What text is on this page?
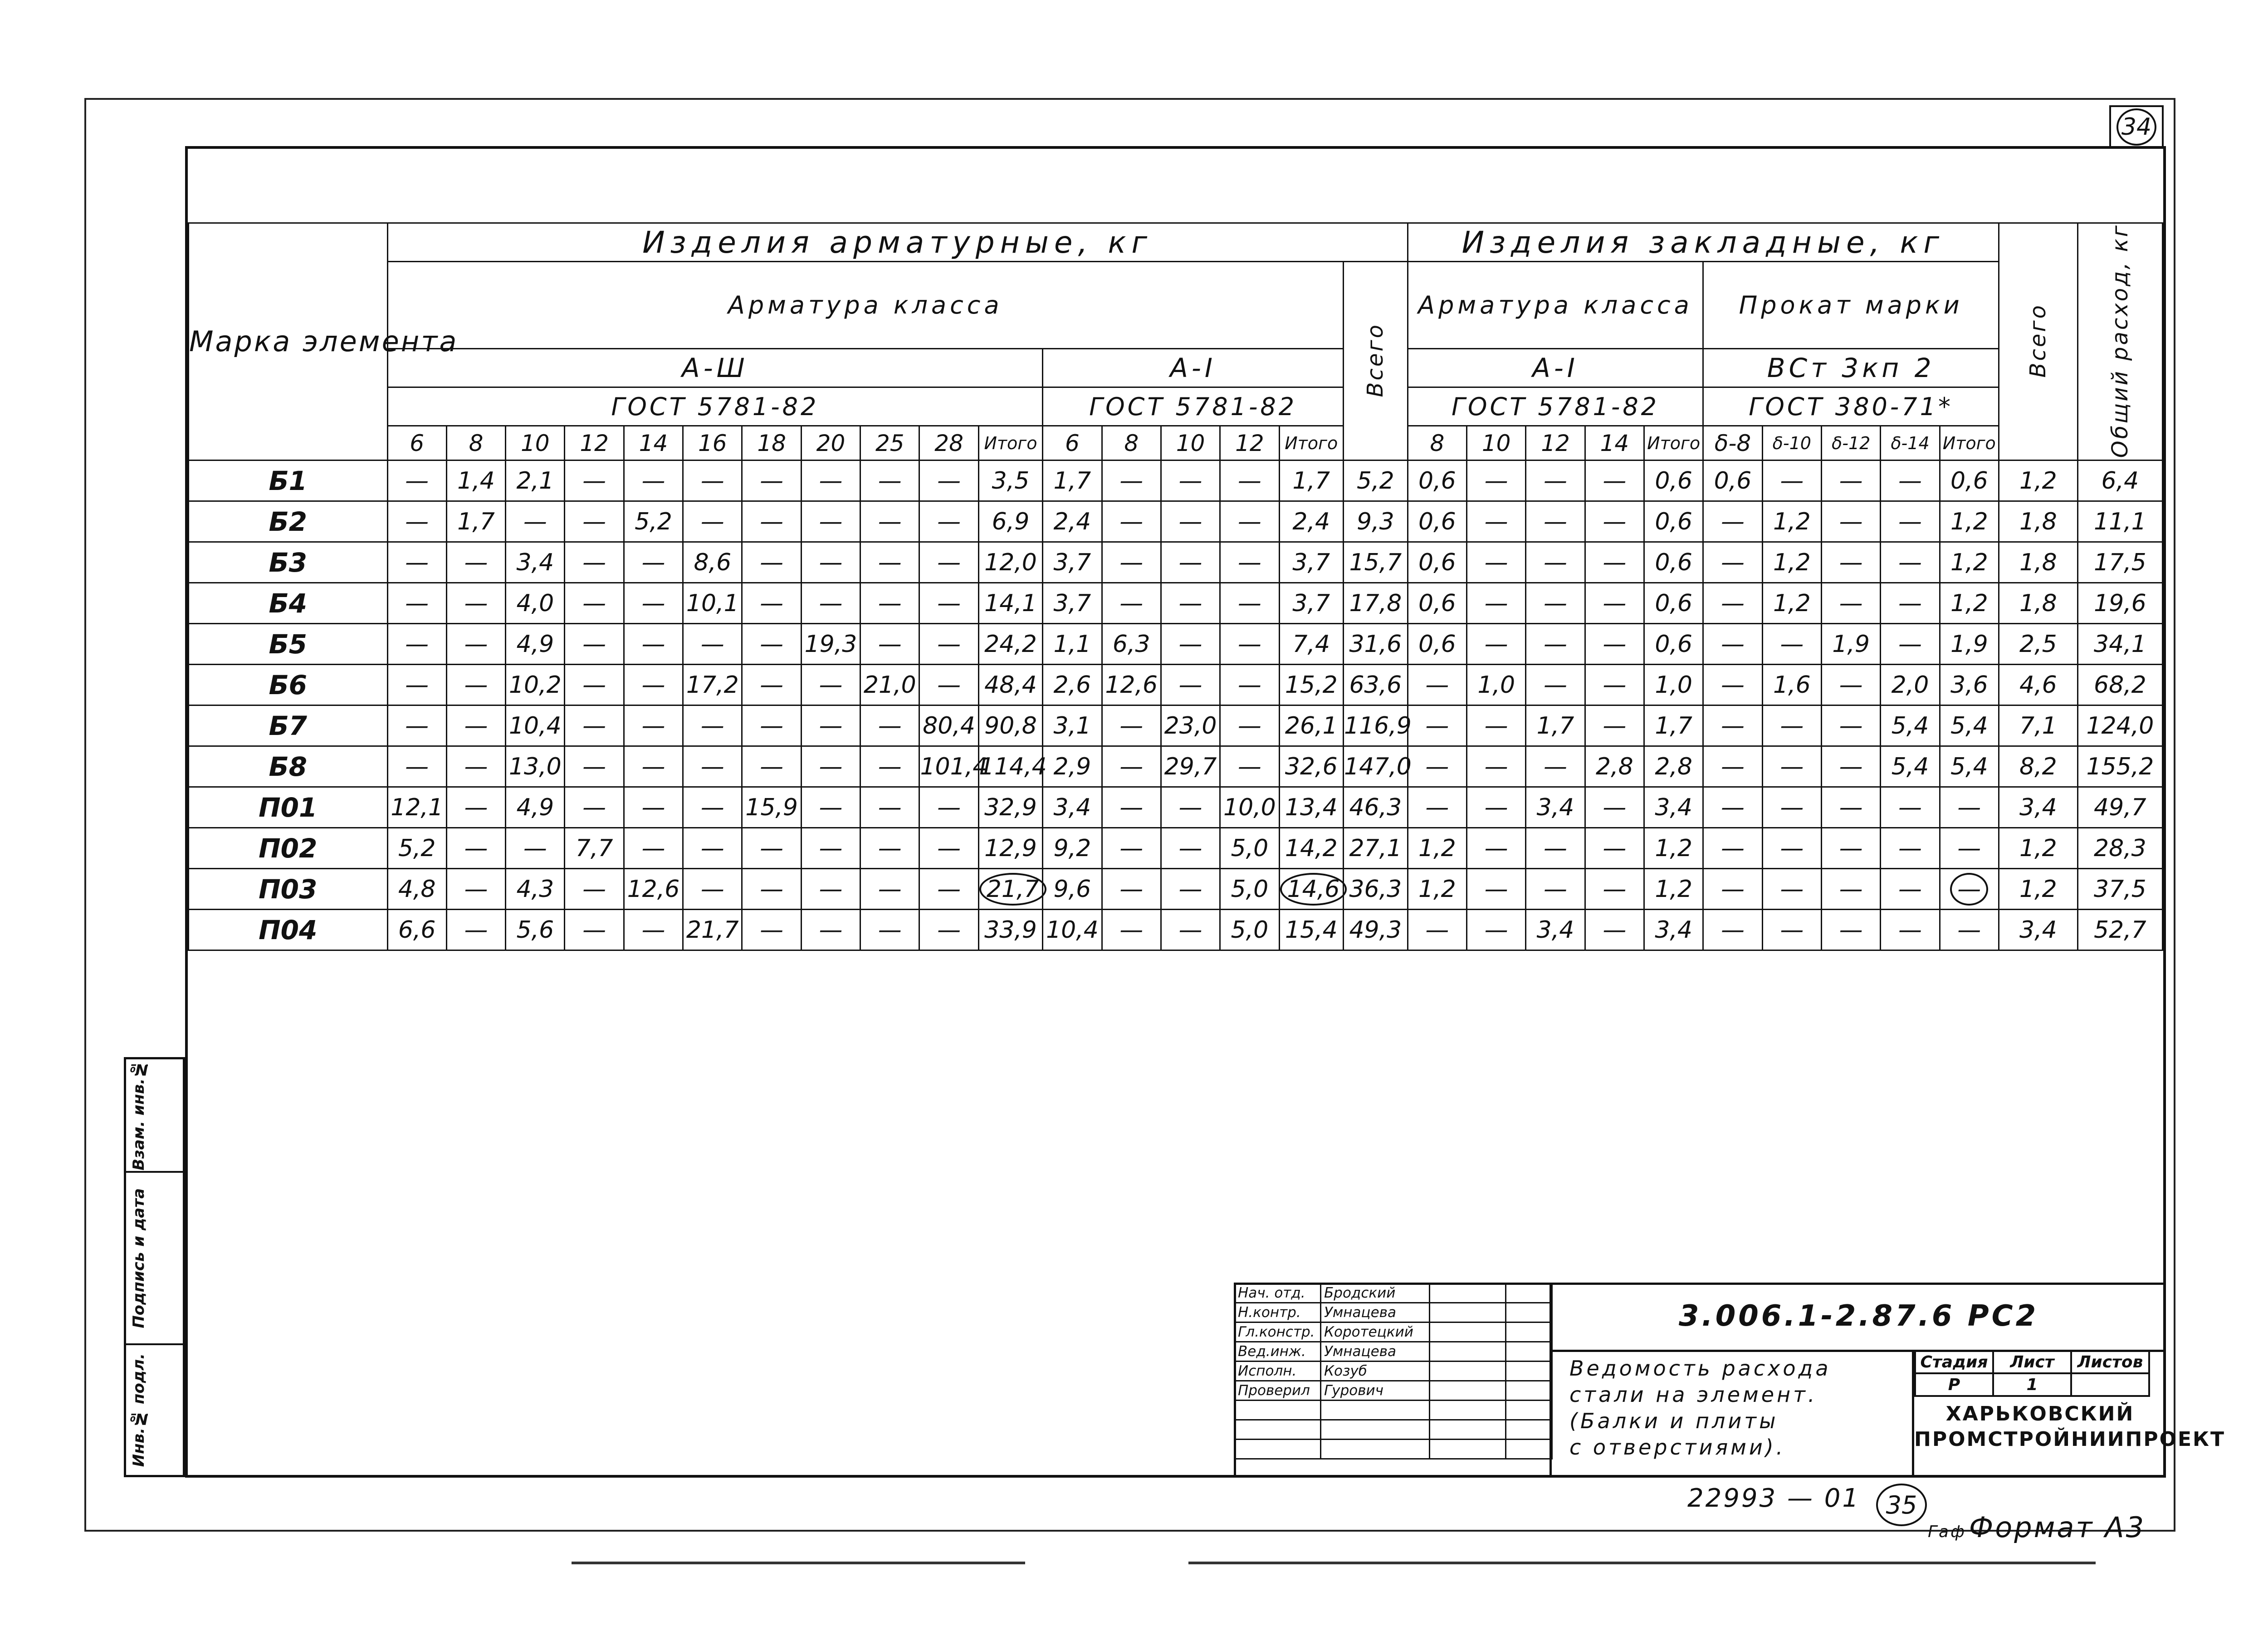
34
Марка элемента	Изделия арматурные, кг																	Изделия закладные, кг										Всего	Общий расход, кг
	Арматура класса																Всего	Арматура класса					Прокат марки						
	А-Ш											А-I						А-I					ВСт 3кп 2						
	ГОСТ 5781-82											ГОСТ 5781-82						ГОСТ 5781-82					ГОСТ 380-71*						
	6	8	10	12	14	16	18	20	25	28	Итого	6	8	10	12	Итого		8	10	12	14	Итого	δ-8	δ-10	δ-12	δ-14	Итого		
Б1	—	1,4	2,1	—	—	—	—	—	—	—	3,5	1,7	—	—	—	1,7	5,2	0,6	—	—	—	0,6	0,6	—	—	—	0,6	1,2	6,4
Б2	—	1,7	—	—	5,2	—	—	—	—	—	6,9	2,4	—	—	—	2,4	9,3	0,6	—	—	—	0,6	—	1,2	—	—	1,2	1,8	11,1
Б3	—	—	3,4	—	—	8,6	—	—	—	—	12,0	3,7	—	—	—	3,7	15,7	0,6	—	—	—	0,6	—	1,2	—	—	1,2	1,8	17,5
Б4	—	—	4,0	—	—	10,1	—	—	—	—	14,1	3,7	—	—	—	3,7	17,8	0,6	—	—	—	0,6	—	1,2	—	—	1,2	1,8	19,6
Б5	—	—	4,9	—	—	—	—	19,3	—	—	24,2	1,1	6,3	—	—	7,4	31,6	0,6	—	—	—	0,6	—	—	1,9	—	1,9	2,5	34,1
Б6	—	—	10,2	—	—	17,2	—	—	21,0	—	48,4	2,6	12,6	—	—	15,2	63,6	—	1,0	—	—	1,0	—	1,6	—	2,0	3,6	4,6	68,2
Б7	—	—	10,4	—	—	—	—	—	—	80,4	90,8	3,1	—	23,0	—	26,1	116,9	—	—	1,7	—	1,7	—	—	—	5,4	5,4	7,1	124,0
Б8	—	—	13,0	—	—	—	—	—	—	101,4	114,4	2,9	—	29,7	—	32,6	147,0	—	—	—	2,8	2,8	—	—	—	5,4	5,4	8,2	155,2
П01	12,1	—	4,9	—	—	—	15,9	—	—	—	32,9	3,4	—	—	10,0	13,4	46,3	—	—	3,4	—	3,4	—	—	—	—	—	3,4	49,7
П02	5,2	—	—	7,7	—	—	—	—	—	—	12,9	9,2	—	—	5,0	14,2	27,1	1,2	—	—	—	1,2	—	—	—	—	—	1,2	28,3
П03	4,8	—	4,3	—	12,6	—	—	—	—	—	21,7	9,6	—	—	5,0	14,6	36,3	1,2	—	—	—	1,2	—	—	—	—	—	1,2	37,5
П04	6,6	—	5,6	—	—	21,7	—	—	—	—	33,9	10,4	—	—	5,0	15,4	49,3	—	—	3,4	—	3,4	—	—	—	—	—	3,4	52,7
Взам. инв.№
Подпись и дата
Инв.№ подл.
Нач. отд.	Бродский		
Н.контр.	Умнацева		
Гл.констр.	Коротецкий		
Вед.инж.	Умнацева		
Исполн.	Козуб		
Проверил	Гурович		

3.006.1-2.87.6 РС2
Ведомость расхода
стали на элемент.
(Балки и плиты
с отверстиями).
Стадия	Лист	Листов
Р	1	
ХАРЬКОВСКИЙ
ПРОМСТРОЙНИИПРОЕКТ
22993 — 01	35
ГафФормат А3
